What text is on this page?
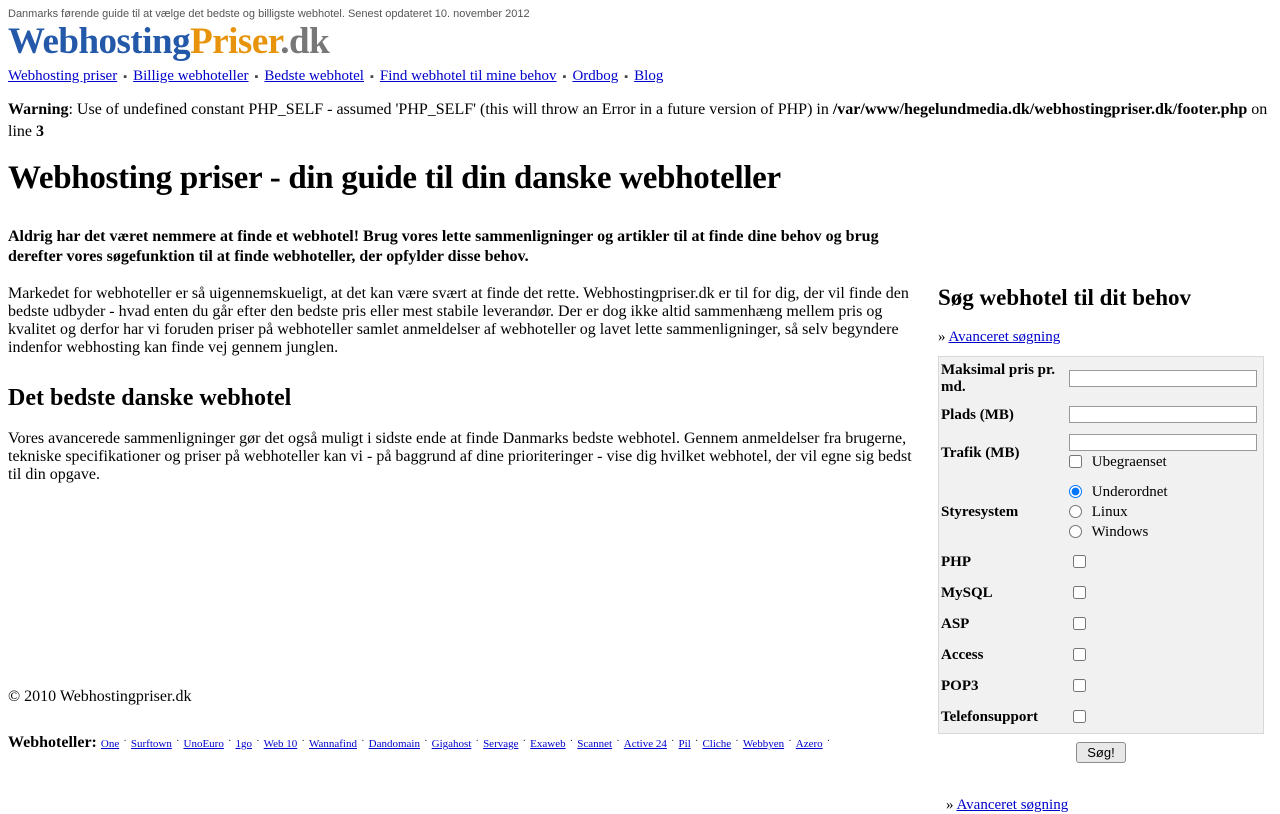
Danmarks førende guide til at vælge det bedste og billigste webhotel. Senest opdateret 10. november 2012
WebhostingPriser.dk
Webhosting priser ▪ Billige webhoteller ▪ Bedste webhotel ▪ Find webhotel til mine behov ▪ Ordbog ▪ Blog
Warning: Use of undefined constant PHP_SELF - assumed 'PHP_SELF' (this will throw an Error in a future version of PHP) in /var/www/hegelundmedia.dk/webhostingpriser.dk/footer.php on line 3
Webhosting priser - din guide til din danske webhoteller

Aldrig har det været nemmere at finde et webhotel! Brug vores lette sammenligninger og artikler til at finde dine behov og brug derefter vores søgefunktion til at finde webhoteller, der opfylder disse behov.

Markedet for webhoteller er så uigennemskueligt, at det kan være svært at finde det rette. Webhostingpriser.dk er til for dig, der vil finde den bedste udbyder - hvad enten du går efter den bedste pris eller mest stabile leverandør. Der er dog ikke altid sammenhæng mellem pris og kvalitet og derfor har vi foruden priser på webhoteller samlet anmeldelser af webhoteller og lavet lette sammenligninger, så selv begyndere indenfor webhosting kan finde vej gennem junglen.

Det bedste danske webhotel

Vores avancerede sammenligninger gør det også muligt i sidste ende at finde Danmarks bedste webhotel. Gennem anmeldelser fra brugerne, tekniske specifikationer og priser på webhoteller kan vi - på baggrund af dine prioriteringer - vise dig hvilket webhotel, der vil egne sig bedst til din opgave.

Søg webhotel til dit behov
» Avanceret søgning
Maksimal pris pr. md.	
Plads (MB)	
Trafik (MB)	Ubegraenset

Styresystem	Underordnet
Linux
Windows

PHP	
MySQL	
ASP	
Access	
POP3	
Telefonsupport	
Søg!
» Avanceret søgning

© 2010 Webhostingpriser.dk

Webhoteller: One · Surftown · UnoEuro · 1go · Web 10 · Wannafind · Dandomain · Gigahost · Servage · Exaweb · Scannet · Active 24 · Pil · Cliche · Webbyen · Azero ·
